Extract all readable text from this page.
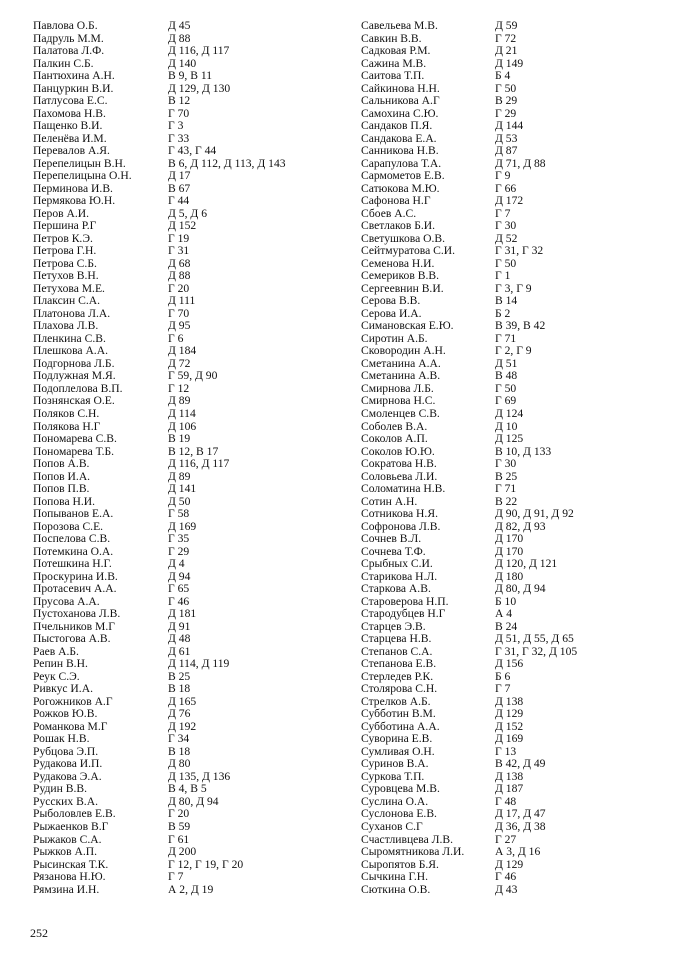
Павлова О.Б.	Д 45
Падруль М.М.	Д 88
Палатова Л.Ф.	Д 116, Д 117
Палкин С.Б.	Д 140
Пантюхина А.Н.	В 9, В 11
Панцуркин В.И.	Д 129, Д 130
Патлусова Е.С.	В 12
Пахомова Н.В.	Г 70
Пащенко В.И.	Г 3
Пеленёва И.М.	Г 33
Перевалов А.Я.	Г 43, Г 44
Перепелицын В.Н.	В 6, Д 112, Д 113, Д 143
Перепелицына О.Н.	Д 17
Перминова И.В.	В 67
Пермякова Ю.Н.	Г 44
Перов А.И.	Д 5, Д 6
Першина Р.Г	Д 152
Петров К.Э.	Г 19
Петрова Г.Н.	Г 31
Петрова С.Б.	Д 68
Петухов В.Н.	Д 88
Петухова М.Е.	Г 20
Плаксин С.А.	Д 111
Платонова Л.А.	Г 70
Плахова Л.В.	Д 95
Пленкина С.В.	Г 6
Плешкова А.А.	Д 184
Подгорнова Л.Б.	Д 72
Подлужная М.Я.	Г 59, Д 90
Подоплелова В.П.	Г 12
Познянская О.Е.	Д 89
Поляков С.Н.	Д 114
Полякова Н.Г	Д 106
Пономарева С.В.	В 19
Пономарева Т.Б.	В 12, В 17
Попов А.В.	Д 116, Д 117
Попов И.А.	Д 89
Попов П.В.	Д 141
Попова Н.И.	Д 50
Попыванов Е.А.	Г 58
Порозова С.Е.	Д 169
Поспелова С.В.	Г 35
Потемкина О.А.	Г 29
Потешкина Н.Г.	Д 4
Проскурина И.В.	Д 94
Протасевич А.А.	Г 65
Прусова А.А.	Г 46
Пустоханова Л.В.	Д 181
Пчельников М.Г	Д 91
Пыстогова А.В.	Д 48
Раев А.Б.	Д 61
Репин В.Н.	Д 114, Д 119
Реук С.Э.	В 25
Ривкус И.А.	В 18
Рогожников А.Г	Д 165
Рожков Ю.В.	Д 76
Романкова М.Г	Д 192
Рошак Н.В.	Г 34
Рубцова Э.П.	В 18
Рудакова И.П.	Д 80
Рудакова Э.А.	Д 135, Д 136
Рудин В.В.	В 4, В 5
Русских В.А.	Д 80, Д 94
Рыболовлев Е.В.	Г 20
Рыжаенков В.Г	В 59
Рыжаков С.А.	Г 61
Рыжков А.П.	Д 200
Рысинская Т.К.	Г 12, Г 19, Г 20
Рязанова Н.Ю.	Г 7
Рямзина И.Н.	А 2, Д 19
Савельева М.В.	Д 59
Савкин В.В.	Г 72
Садковая Р.М.	Д 21
Сажина М.В.	Д 149
Саитова Т.П.	Б 4
Сайкинова Н.Н.	Г 50
Сальникова А.Г	В 29
Самохина С.Ю.	Г 29
Сандаков П.Я.	Д 144
Сандакова Е.А.	Д 53
Санникова Н.В.	Д 87
Сарапулова Т.А.	Д 71, Д 88
Сармометов Е.В.	Г 9
Сатюкова М.Ю.	Г 66
Сафонова Н.Г	Д 172
Сбоев А.С.	Г 7
Светлаков Б.И.	Г 30
Светушкова О.В.	Д 52
Сейтмуратова С.И.	Г 31, Г 32
Семенова Н.И.	Г 50
Семериков В.В.	Г 1
Сергеевнин В.И.	Г 3, Г 9
Серова В.В.	В 14
Серова И.А.	Б 2
Симановская Е.Ю.	В 39, В 42
Сиротин А.Б.	Г 71
Сковородин А.Н.	Г 2, Г 9
Сметанина А.А.	Д 51
Сметанина А.В.	В 48
Смирнова Л.Б.	Г 50
Смирнова Н.С.	Г 69
Смоленцев С.В.	Д 124
Соболев В.А.	Д 10
Соколов А.П.	Д 125
Соколов Ю.Ю.	В 10, Д 133
Сократова Н.В.	Г 30
Соловьева Л.И.	В 25
Соломатина Н.В.	Г 71
Сотин А.Н.	В 22
Сотникова Н.Я.	Д 90, Д 91, Д 92
Софронова Л.В.	Д 82, Д 93
Сочнев В.Л.	Д 170
Сочнева Т.Ф.	Д 170
Срыбных С.И.	Д 120, Д 121
Старикова Н.Л.	Д 180
Старкова А.В.	Д 80, Д 94
Староверова Н.П.	Б 10
Стародубцев Н.Г	А 4
Старцев Э.В.	В 24
Старцева Н.В.	Д 51, Д 55, Д 65
Степанов С.А.	Г 31, Г 32, Д 105
Степанова Е.В.	Д 156
Стерледев Р.К.	Б 6
Столярова С.Н.	Г 7
Стрелков А.Б.	Д 138
Субботин В.М.	Д 129
Субботина А.А.	Д 152
Суворина Е.В.	Д 169
Сумливая О.Н.	Г 13
Суринов В.А.	В 42, Д 49
Суркова Т.П.	Д 138
Суровцева М.В.	Д 187
Суслина О.А.	Г 48
Суслонова Е.В.	Д 17, Д 47
Суханов С.Г	Д 36, Д 38
Счастливцева Л.В.	Г 27
Сыромятникова Л.И.	А 3, Д 16
Сыропятов Б.Я.	Д 129
Сычкина Г.Н.	Г 46
Сюткина О.В.	Д 43
252
